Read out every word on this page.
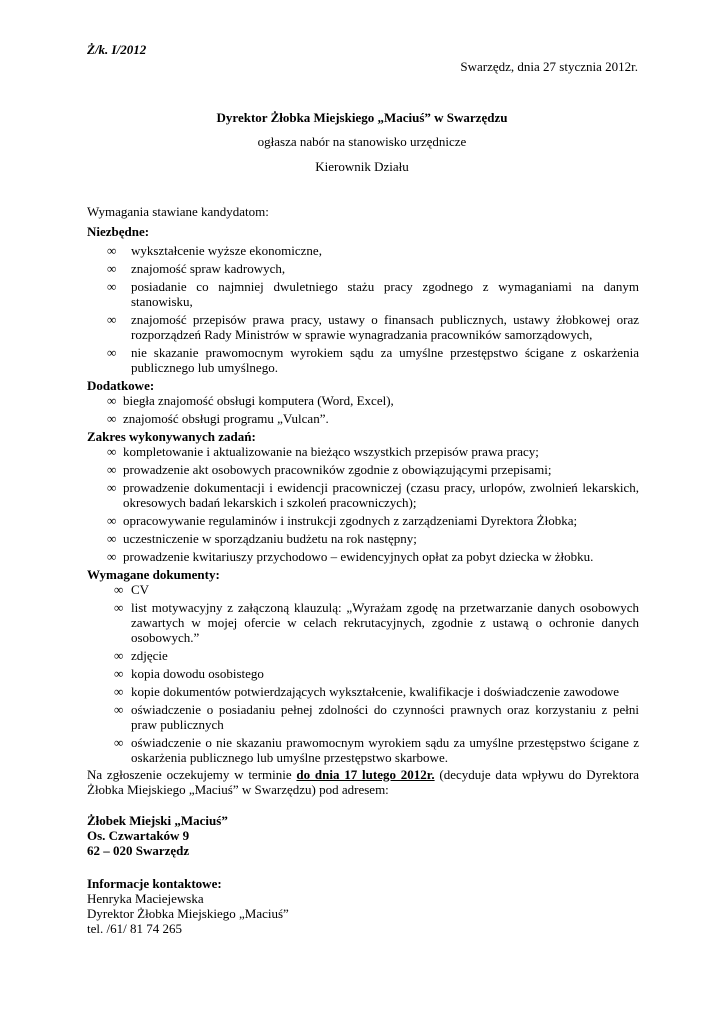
Ż/k. I/2012
Swarzędz, dnia 27 stycznia 2012r.
Dyrektor Żłobka Miejskiego „Maciuś” w Swarzędzu
ogłasza nabór na stanowisko urzędnicze
Kierownik Działu
Wymagania stawiane kandydatom:
Niezbędne:
∞ wykształcenie wyższe ekonomiczne,
∞ znajomość spraw kadrowych,
∞ posiadanie co najmniej dwuletniego stażu pracy zgodnego z wymaganiami na danym stanowisku,
∞ znajomość przepisów prawa pracy, ustawy o finansach publicznych, ustawy żłobkowej oraz rozporządzeń Rady Ministrów w sprawie wynagradzania pracowników samorządowych,
∞ nie skazanie prawomocnym wyrokiem sądu za umyślne przestępstwo ścigane z oskarżenia publicznego lub umyślnego.
Dodatkowe:
∞ biegła znajomość obsługi komputera (Word, Excel),
∞ znajomość obsługi programu „Vulcan”.
Zakres wykonywanych zadań:
∞ kompletowanie i aktualizowanie na bieżąco wszystkich przepisów prawa pracy;
∞ prowadzenie akt osobowych pracowników zgodnie z obowiązującymi przepisami;
∞ prowadzenie dokumentacji i ewidencji pracowniczej (czasu pracy, urlopów, zwolnień lekarskich, okresowych badań lekarskich i szkoleń pracowniczych);
∞ opracowywanie regulaminów i instrukcji zgodnych z zarządzeniami Dyrektora Żłobka;
∞ uczestniczenie w sporządzaniu budżetu na rok następny;
∞ prowadzenie kwitariuszy przychodowo – ewidencyjnych opłat za pobyt dziecka w żłobku.
Wymagane dokumenty:
∞ CV
∞ list motywacyjny z załączoną klauzulą: „Wyrażam zgodę na przetwarzanie danych osobowych zawartych w mojej ofercie w celach rekrutacyjnych, zgodnie z ustawą o ochronie danych osobowych.”
∞ zdjęcie
∞ kopia dowodu osobistego
∞ kopie dokumentów potwierdzających wykształcenie, kwalifikacje i doświadczenie zawodowe
∞ oświadczenie o posiadaniu pełnej zdolności do czynności prawnych oraz korzystaniu z pełni praw publicznych
∞ oświadczenie o nie skazaniu prawomocnym wyrokiem sądu za umyślne przestępstwo ścigane z oskarżenia publicznego lub umyślne przestępstwo skarbowe.
Na zgłoszenie oczekujemy w terminie do dnia 17 lutego 2012r. (decyduje data wpływu do Dyrektora Żłobka Miejskiego „Maciuś” w Swarzędzu) pod adresem:
Żłobek Miejski „Maciuś”
Os. Czwartaków 9
62 – 020 Swarzędz
Informacje kontaktowe:
Henryka Maciejewska
Dyrektor Żłobka Miejskiego „Maciuś”
tel. /61/ 81 74 265
